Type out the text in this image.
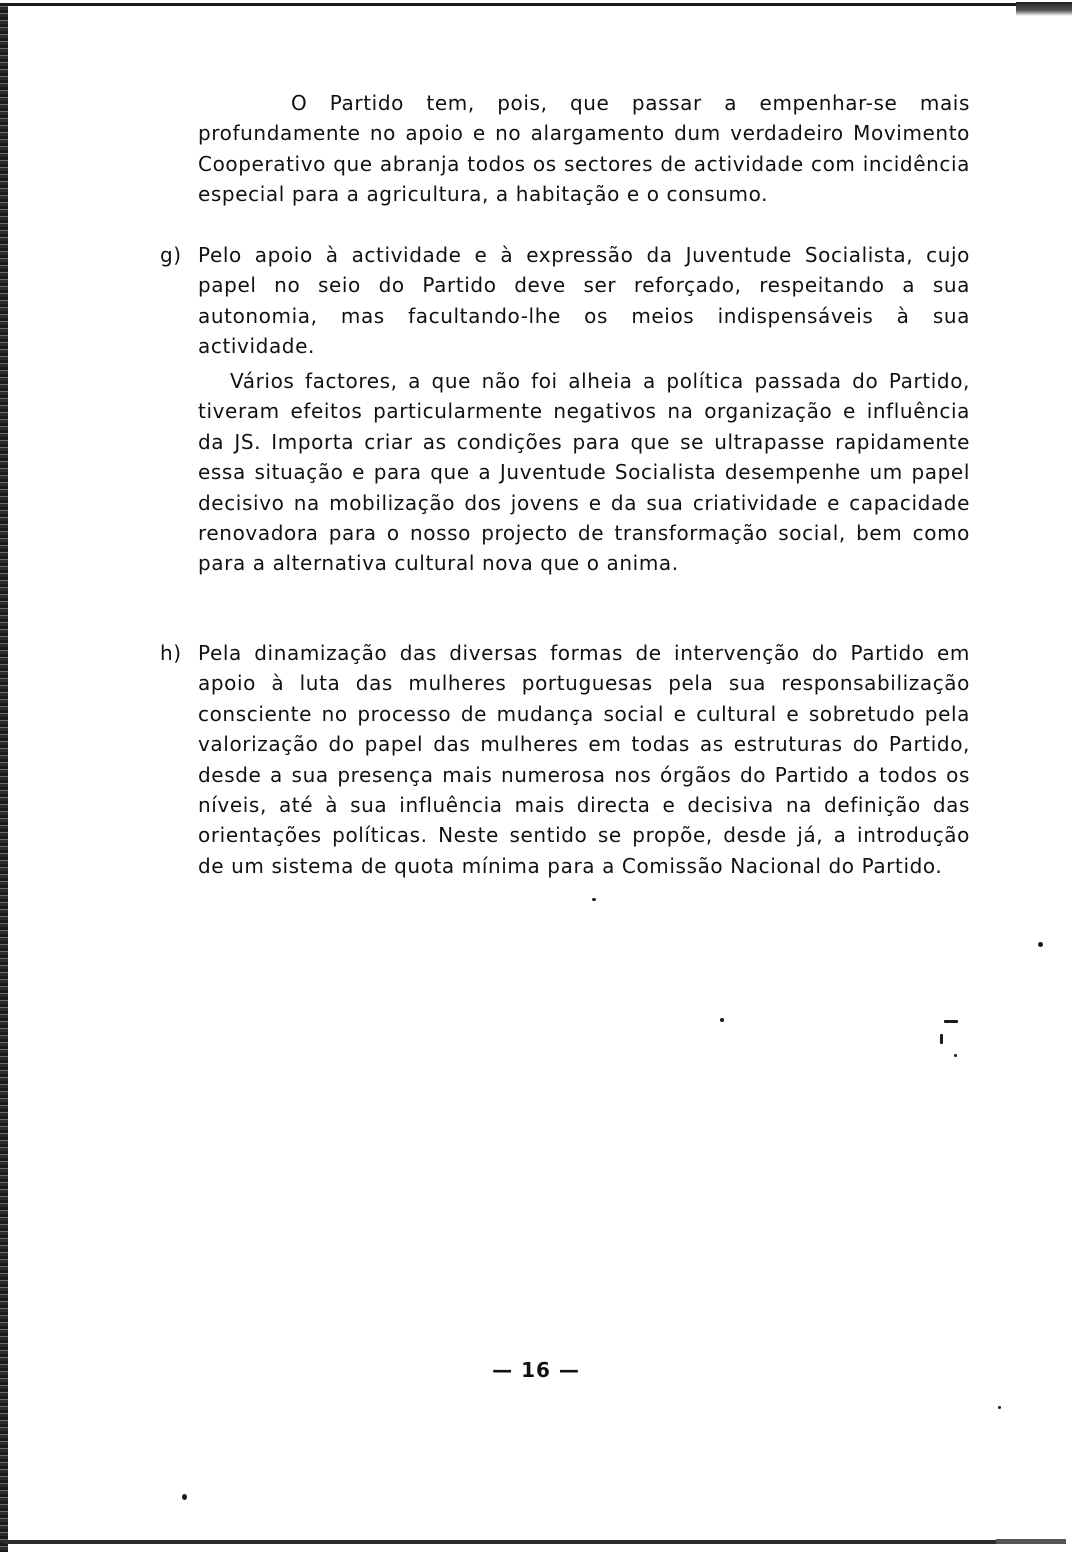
O Partido tem, pois, que passar a empenhar-se mais profundamente no apoio e no alargamento dum verdadeiro Movimento Cooperativo que abranja todos os sectores de actividade com incidência especial para a agricultura, a habitação e o consumo.

g) Pelo apoio à actividade e à expressão da Juventude Socialista, cujo papel no seio do Partido deve ser reforçado, respeitando a sua autonomia, mas facultando-lhe os meios indispensáveis à sua actividade.

Vários factores, a que não foi alheia a política passada do Partido, tiveram efeitos particularmente negativos na organização e influência da JS. Importa criar as condições para que se ultrapasse rapidamente essa situação e para que a Juventude Socialista desempenhe um papel decisivo na mobilização dos jovens e da sua criatividade e capacidade renovadora para o nosso projecto de transformação social, bem como para a alternativa cultural nova que o anima.

h) Pela dinamização das diversas formas de intervenção do Partido em apoio à luta das mulheres portuguesas pela sua responsabilização consciente no processo de mudança social e cultural e sobretudo pela valorização do papel das mulheres em todas as estruturas do Partido, desde a sua presença mais numerosa nos órgãos do Partido a todos os níveis, até à sua influência mais directa e decisiva na definição das orientações políticas. Neste sentido se propõe, desde já, a introdução de um sistema de quota mínima para a Comissão Nacional do Partido.

— 16 —
